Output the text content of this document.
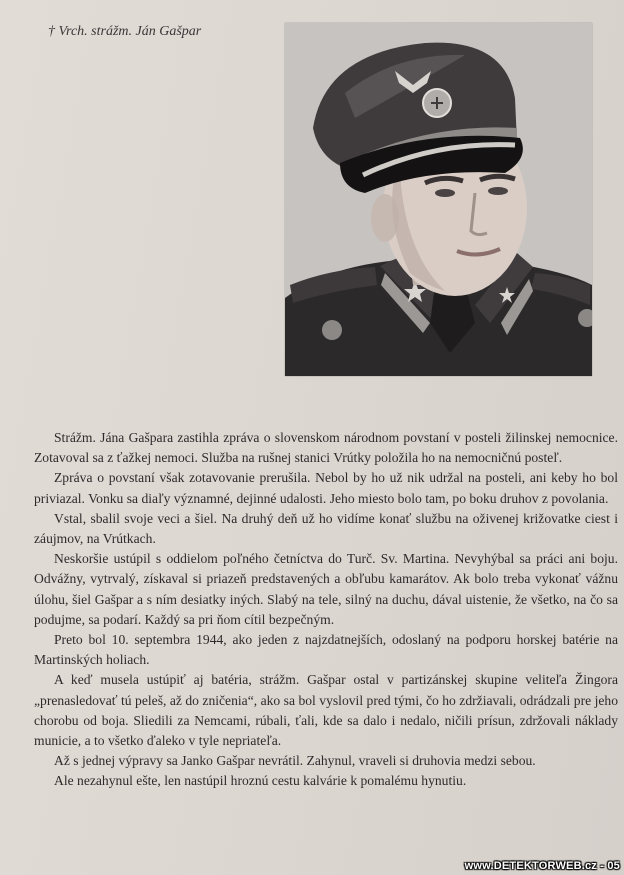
† Vrch. strážm. Ján Gašpar

Strážm. Jána Gašpara zastihla zpráva o slovenskom národnom povstaní v posteli žilinskej nemocnice. Zotavoval sa z ťažkej nemoci. Služba na rušnej stanici Vrútky položila ho na nemocničnú posteľ.

Zpráva o povstaní však zotavovanie prerušila. Nebol by ho už nik udržal na posteli, ani keby ho bol priviazal. Vonku sa diaľy významné, dejinné udalosti. Jeho miesto bolo tam, po boku druhov z povolania.

Vstal, sbalil svoje veci a šiel. Na druhý deň už ho vidíme konať službu na oživenej križovatke ciest i záujmov, na Vrútkach.

Neskoršie ustúpil s oddielom poľného četníctva do Turč. Sv. Martina. Nevyhýbal sa práci ani boju. Odvážny, vytrvalý, získaval si priazeň predstavených a obľubu kamarátov. Ak bolo treba vykonať vážnu úlohu, šiel Gašpar a s ním desiatky iných. Slabý na tele, silný na duchu, dával uistenie, že všetko, na čo sa podujme, sa podarí. Každý sa pri ňom cítil bezpečným.

Preto bol 10. septembra 1944, ako jeden z najzdatnejších, odoslaný na podporu horskej batérie na Martinských holiach.

A keď musela ustúpiť aj batéria, strážm. Gašpar ostal v partizánskej skupine veliteľa Žingora „prenasledovať tú peleš, až do zničenia“, ako sa bol vyslovil pred tými, čo ho zdržiavali, odrádzali pre jeho chorobu od boja. Sliedili za Nemcami, rúbali, ťali, kde sa dalo i nedalo, ničili prísun, zdržovali náklady municie, a to všetko ďaleko v tyle nepriateľa.

Až s jednej výpravy sa Janko Gašpar nevrátil. Zahynul, vraveli si druhovia medzi sebou.

Ale nezahynul ešte, len nastúpil hroznú cestu kalvárie k pomalému hynutiu.

www.DETEKTORWEB.cz - 05
